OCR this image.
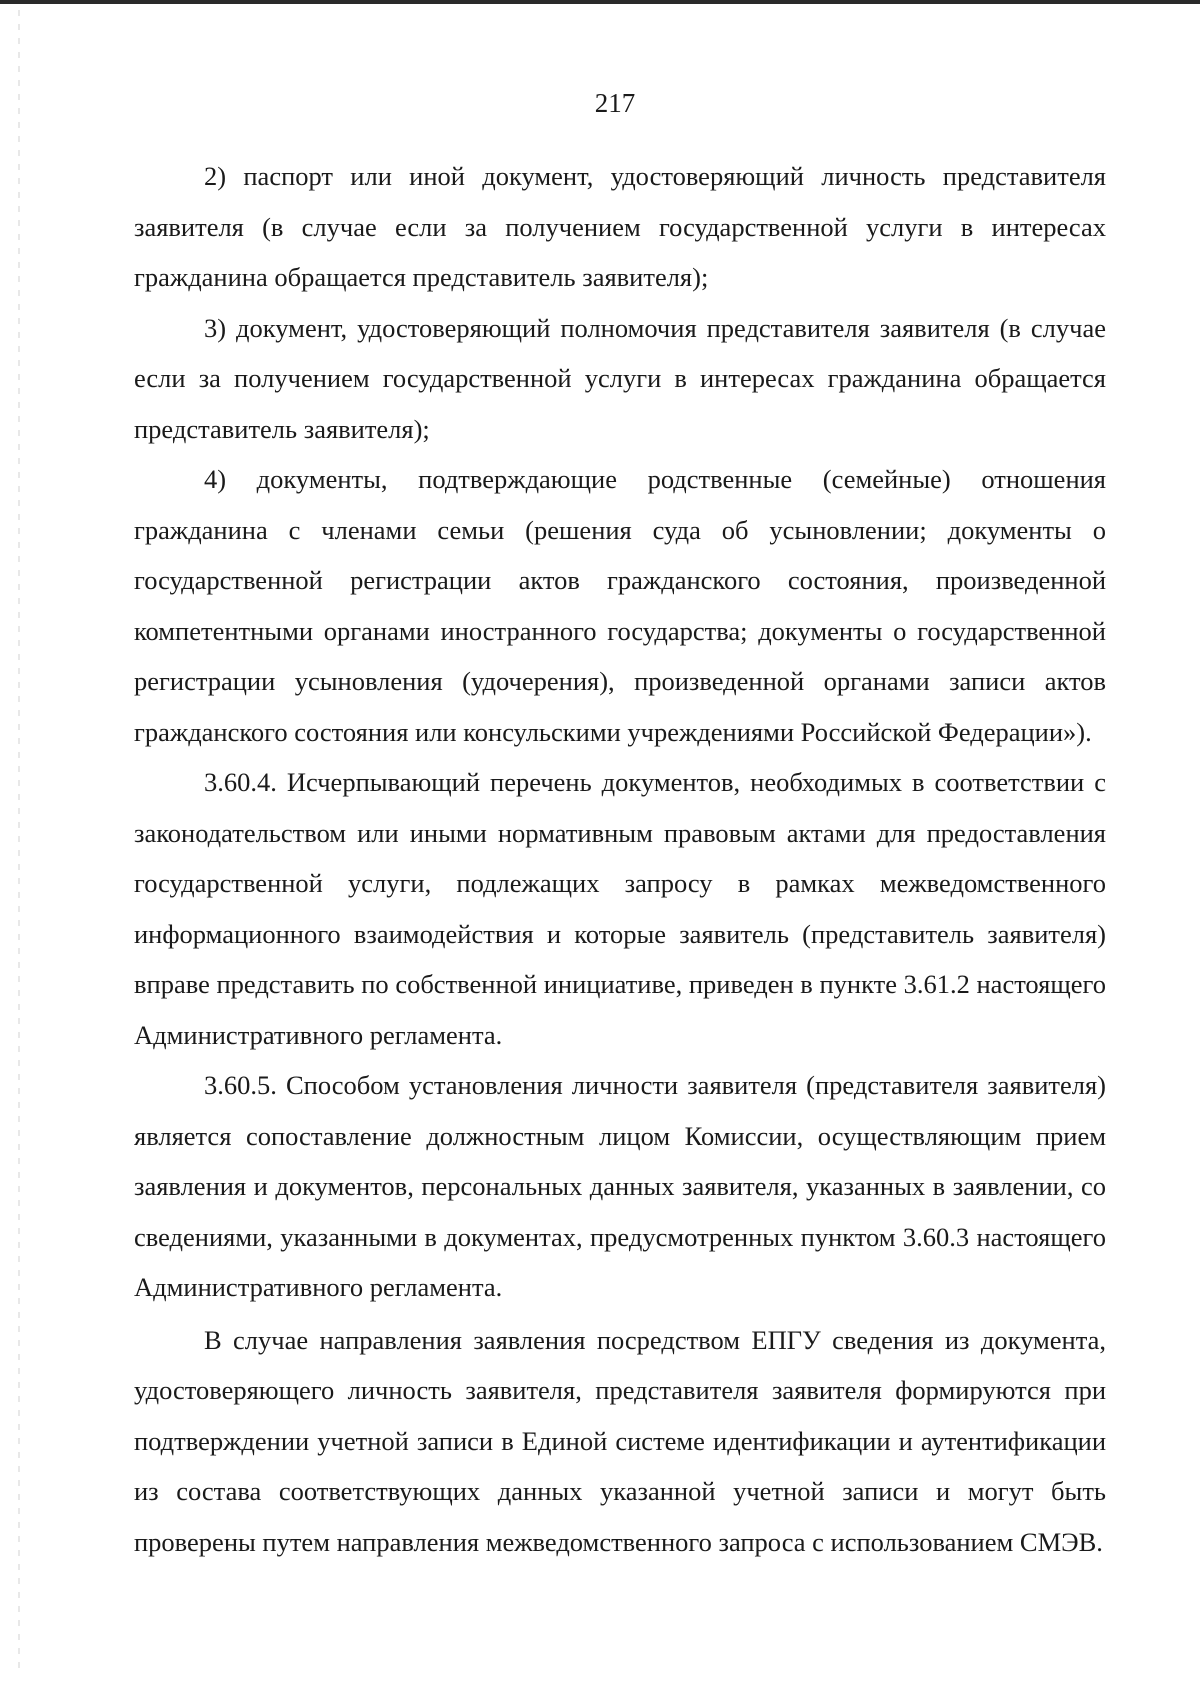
217

2) паспорт или иной документ, удостоверяющий личность представителя заявителя (в случае если за получением государственной услуги в интересах гражданина обращается представитель заявителя);

3) документ, удостоверяющий полномочия представителя заявителя (в случае если за получением государственной услуги в интересах гражданина обращается представитель заявителя);

4) документы, подтверждающие родственные (семейные) отношения гражданина с членами семьи (решения суда об усыновлении; документы о государственной регистрации актов гражданского состояния, произведенной компетентными органами иностранного государства; документы о государственной регистрации усыновления (удочерения), произведенной органами записи актов гражданского состояния или консульскими учреждениями Российской Федерации»).

3.60.4. Исчерпывающий перечень документов, необходимых в соответствии с законодательством или иными нормативным правовым актами для предоставления государственной услуги, подлежащих запросу в рамках межведомственного информационного взаимодействия и которые заявитель (представитель заявителя) вправе представить по собственной инициативе, приведен в пункте 3.61.2 настоящего Административного регламента.

3.60.5. Способом установления личности заявителя (представителя заявителя) является сопоставление должностным лицом Комиссии, осуществляющим прием заявления и документов, персональных данных заявителя, указанных в заявлении, со сведениями, указанными в документах, предусмотренных пунктом 3.60.3 настоящего Административного регламента.

В случае направления заявления посредством ЕПГУ сведения из документа, удостоверяющего личность заявителя, представителя заявителя формируются при подтверждении учетной записи в Единой системе идентификации и аутентификации из состава соответствующих данных указанной учетной записи и могут быть проверены путем направления межведомственного запроса с использованием СМЭВ.
